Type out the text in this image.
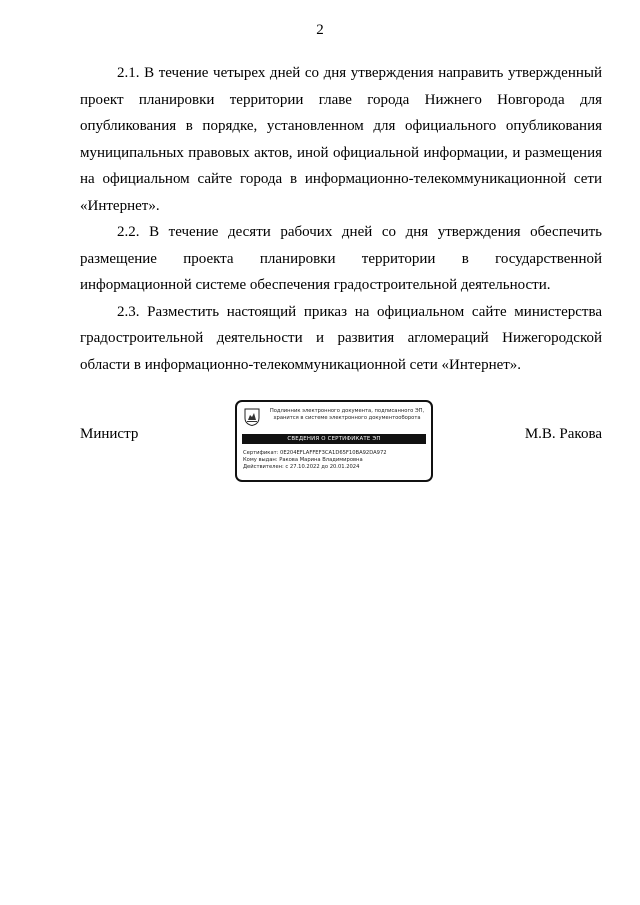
2

2.1. В течение четырех дней со дня утверждения направить утвержденный проект планировки территории главе города Нижнего Новгорода для опубликования в порядке, установленном для официального опубликования муниципальных правовых актов, иной официальной информации, и размещения на официальном сайте города в информационно-телекоммуникационной сети «Интернет».

2.2. В течение десяти рабочих дней со дня утверждения обеспечить размещение проекта планировки территории в государственной информационной системе обеспечения градостроительной деятельности.

2.3. Разместить настоящий приказ на официальном сайте министерства градостроительной деятельности и развития агломераций Нижегородской области в информационно-телекоммуникационной сети «Интернет».

Министр
Подлинник электронного документа, подписанного ЭП,
хранится в системе электронного документооборота
СВЕДЕНИЯ О СЕРТИФИКАТЕ ЭП
Сертификат: 0E204EFLAFFEF3CA1D65F10BA92DA972
Кому выдан: Ракова Марина Владимировна
Действителен: с 27.10.2022 до 20.01.2024
М.В. Ракова
